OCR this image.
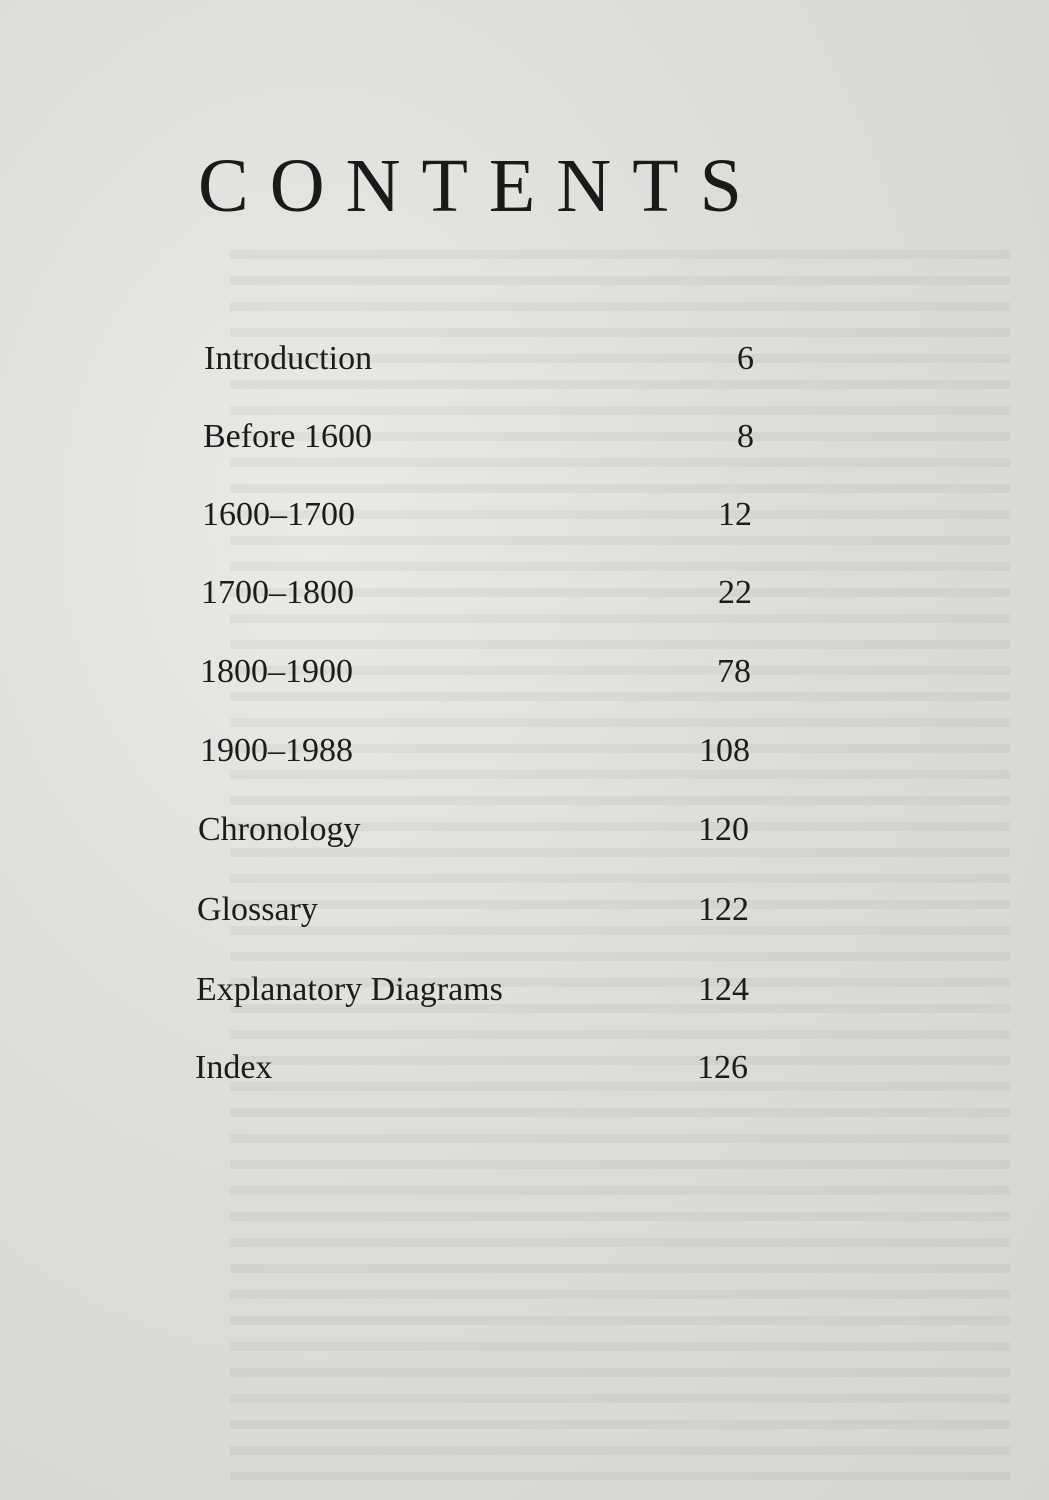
CONTENTS
Introduction	6
Before 1600	8
1600–1700	12
1700–1800	22
1800–1900	78
1900–1988	108
Chronology	120
Glossary	122
Explanatory Diagrams	124
Index	126
